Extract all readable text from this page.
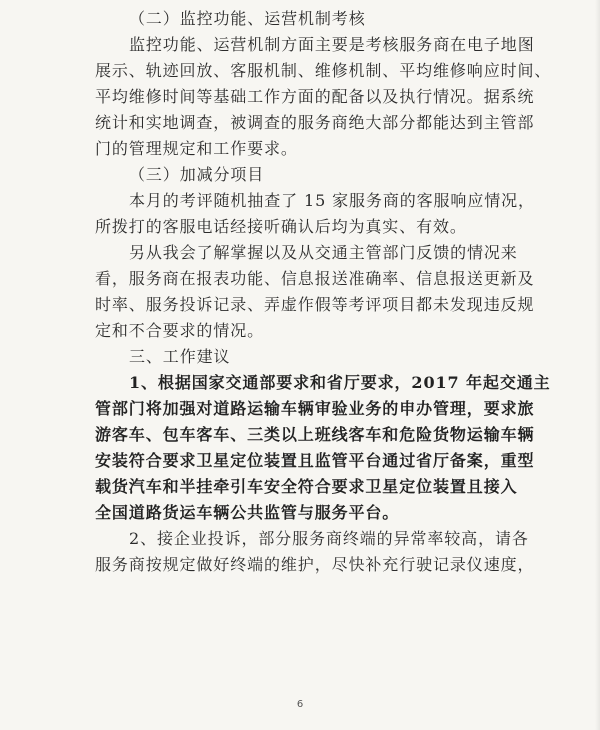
（二）监控功能、运营机制考核
监控功能、运营机制方面主要是考核服务商在电子地图
展示、轨迹回放、客服机制、维修机制、平均维修响应时间、
平均维修时间等基础工作方面的配备以及执行情况。据系统
统计和实地调查，被调查的服务商绝大部分都能达到主管部
门的管理规定和工作要求。
（三）加减分项目
本月的考评随机抽查了 15 家服务商的客服响应情况，
所拨打的客服电话经接听确认后均为真实、有效。
另从我会了解掌握以及从交通主管部门反馈的情况来
看，服务商在报表功能、信息报送准确率、信息报送更新及
时率、服务投诉记录、弄虚作假等考评项目都未发现违反规
定和不合要求的情况。
三、工作建议
1、根据国家交通部要求和省厅要求，2017 年起交通主
管部门将加强对道路运输车辆审验业务的申办管理，要求旅
游客车、包车客车、三类以上班线客车和危险货物运输车辆
安装符合要求卫星定位装置且监管平台通过省厅备案，重型
载货汽车和半挂牵引车安全符合要求卫星定位装置且接入
全国道路货运车辆公共监管与服务平台。
2、接企业投诉，部分服务商终端的异常率较高，请各
服务商按规定做好终端的维护，尽快补充行驶记录仪速度，
6
